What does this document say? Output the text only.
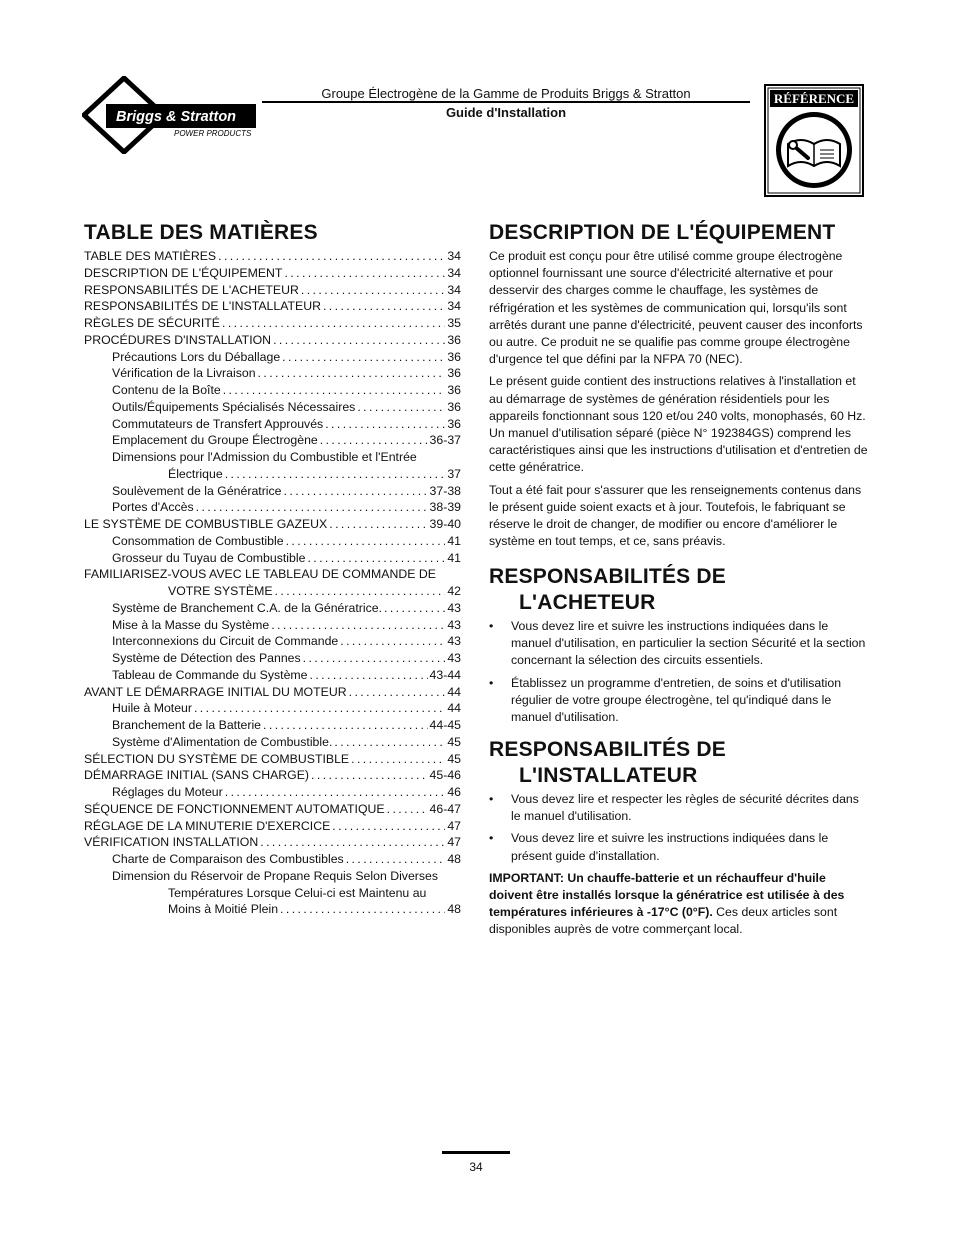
Groupe Électrogène de la Gamme de Produits Briggs & Stratton
Guide d'Installation
Briggs & Stratton
POWER PRODUCTS
RÉFÉRENCE
TABLE DES MATIÈRES
TABLE DES MATIÈRES . . .	34
DESCRIPTION DE L'ÉQUIPEMENT . . .	34
RESPONSABILITÉS DE L'ACHETEUR . . .	34
RESPONSABILITÉS DE L'INSTALLATEUR . . .	34
RÈGLES DE SÉCURITÉ . . .	35
PROCÉDURES D'INSTALLATION . . .	36
Précautions Lors du Déballage . . .	36
Vérification de la Livraison . . .	36
Contenu de la Boîte . . .	36
Outils/Équipements Spécialisés Nécessaires . . .	36
Commutateurs de Transfert Approuvés . . .	36
Emplacement du Groupe Électrogène . . .	36-37
Dimensions pour l'Admission du Combustible et l'Entrée
Électrique . . .	37
Soulèvement de la Génératrice . . .	37-38
Portes d'Accès . . .	38-39
LE SYSTÈME DE COMBUSTIBLE GAZEUX . . .	39-40
Consommation de Combustible . . .	41
Grosseur du Tuyau de Combustible . . .	41
FAMILIARISEZ-VOUS AVEC LE TABLEAU DE COMMANDE DE
VOTRE SYSTÈME . . .	42
Système de Branchement C.A. de la Génératrice. . . .	43
Mise à la Masse du Système . . .	43
Interconnexions du Circuit de Commande . . .	43
Système de Détection des Pannes . . .	43
Tableau de Commande du Système . . .	43-44
AVANT LE DÉMARRAGE INITIAL DU MOTEUR . . .	44
Huile à Moteur . . .	44
Branchement de la Batterie . . .	44-45
Système d'Alimentation de Combustible. . . .	45
SÉLECTION DU SYSTÈME DE COMBUSTIBLE . . .	45
DÉMARRAGE INITIAL (SANS CHARGE) . . .	45-46
Réglages du Moteur . . .	46
SÉQUENCE DE FONCTIONNEMENT AUTOMATIQUE . . .	46-47
RÉGLAGE DE LA MINUTERIE D'EXERCICE . . .	47
VÉRIFICATION INSTALLATION . . .	47
Charte de Comparaison des Combustibles . . .	48
Dimension du Réservoir de Propane Requis Selon Diverses
Températures Lorsque Celui-ci est Maintenu au
Moins à Moitié Plein . . .	48
DESCRIPTION DE L'ÉQUIPEMENT

Ce produit est conçu pour être utilisé comme groupe électrogène optionnel fournissant une source d'électricité alternative et pour desservir des charges comme le chauffage, les systèmes de réfrigération et les systèmes de communication qui, lorsqu'ils sont arrêtés durant une panne d'électricité, peuvent causer des inconforts ou autre. Ce produit ne se qualifie pas comme groupe électrogène d'urgence tel que défini par la NFPA 70 (NEC).

Le présent guide contient des instructions relatives à l'installation et au démarrage de systèmes de génération résidentiels pour les appareils fonctionnant sous 120 et/ou 240 volts, monophasés, 60 Hz. Un manuel d'utilisation séparé (pièce N° 192384GS) comprend les caractéristiques ainsi que les instructions d'utilisation et d'entretien de cette génératrice.

Tout a été fait pour s'assurer que les renseignements contenus dans le présent guide soient exacts et à jour. Toutefois, le fabriquant se réserve le droit de changer, de modifier ou encore d'améliorer le système en tout temps, et ce, sans préavis.

RESPONSABILITÉS DE
L'ACHETEUR
• Vous devez lire et suivre les instructions indiquées dans le manuel d'utilisation, en particulier la section Sécurité et la section concernant la sélection des circuits essentiels.
• Établissez un programme d'entretien, de soins et d'utilisation régulier de votre groupe électrogène, tel qu'indiqué dans le manuel d'utilisation.
RESPONSABILITÉS DE
L'INSTALLATEUR
• Vous devez lire et respecter les règles de sécurité décrites dans le manuel d'utilisation.
• Vous devez lire et suivre les instructions indiquées dans le présent guide d'installation.

IMPORTANT: Un chauffe-batterie et un réchauffeur d'huile doivent être installés lorsque la génératrice est utilisée à des températures inférieures à -17°C (0°F). Ces deux articles sont disponibles auprès de votre commerçant local.

34
